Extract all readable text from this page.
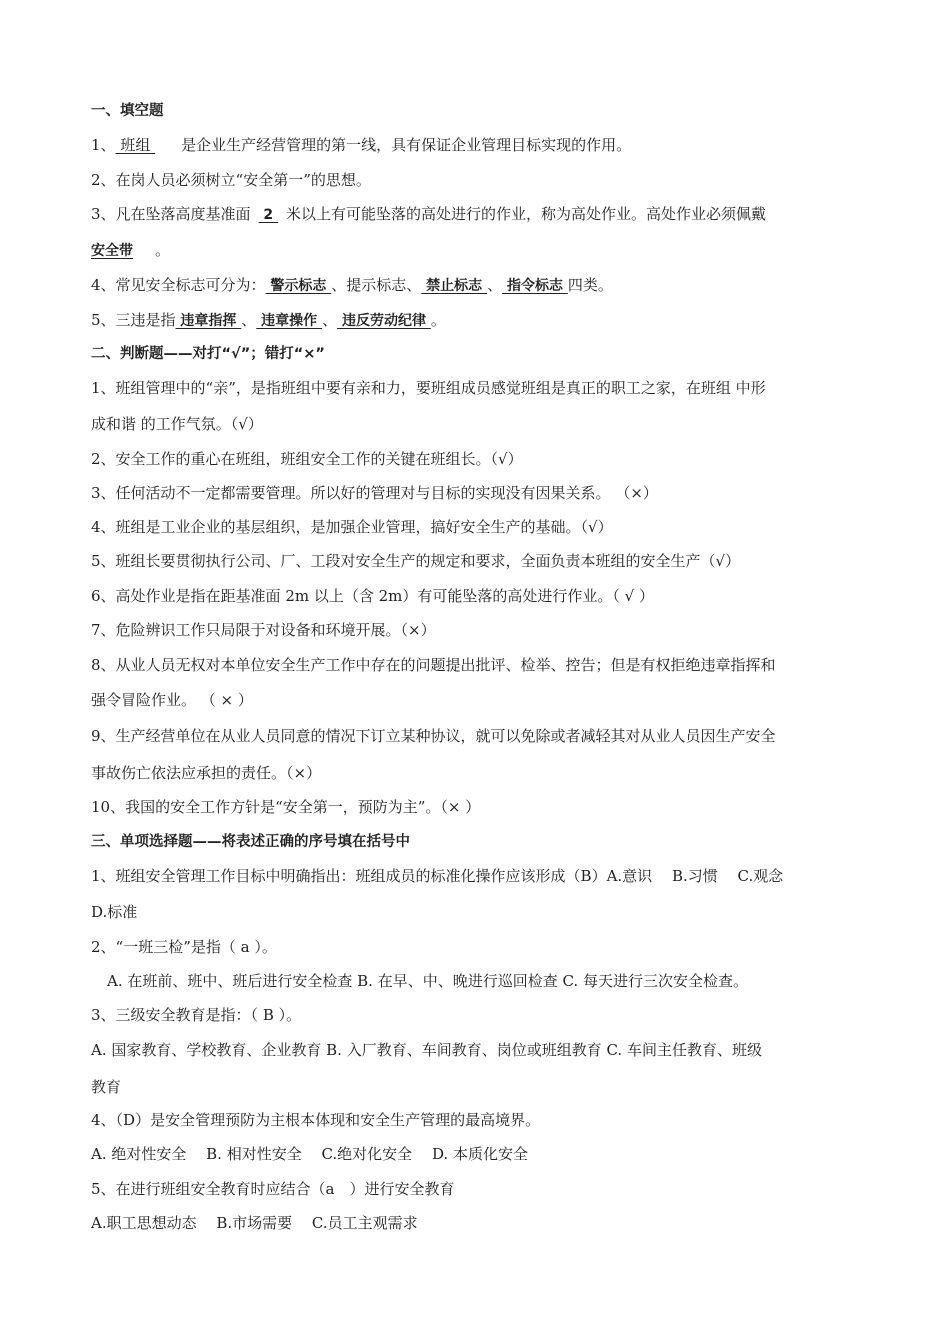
一、填空题
1、 班组 是企业生产经营管理的第一线，具有保证企业管理目标实现的作用。
2、在岗人员必须树立“安全第一”的思想。
3、凡在坠落高度基准面 2 米以上有可能坠落的高处进行的作业，称为高处作业。高处作业必须佩戴
安全带 。
4、常见安全标志可分为： 警示标志 、提示标志、 禁止标志 、 指令标志 四类。
5、三违是指 违章指挥 、 违章操作 、 违反劳动纪律 。
二、判断题——对打“√”；错打“×”
1、班组管理中的“亲”，是指班组中要有亲和力，要班组成员感觉班组是真正的职工之家，在班组 中形
成和谐 的工作气氛。（√）
2、安全工作的重心在班组，班组安全工作的关键在班组长。（√）
3、任何活动不一定都需要管理。所以好的管理对与目标的实现没有因果关系。 （×）
4、班组是工业企业的基层组织，是加强企业管理，搞好安全生产的基础。（√）
5、班组长要贯彻执行公司、厂、工段对安全生产的规定和要求，全面负责本班组的安全生产（√）
6、高处作业是指在距基准面 2m 以上（含 2m）有可能坠落的高处进行作业。（ √ ）
7、危险辨识工作只局限于对设备和环境开展。（×）
8、从业人员无权对本单位安全生产工作中存在的问题提出批评、检举、控告；但是有权拒绝违章指挥和
强令冒险作业。 （ × ）
9、生产经营单位在从业人员同意的情况下订立某种协议，就可以免除或者减轻其对从业人员因生产安全
事故伤亡依法应承担的责任。（×）
10、我国的安全工作方针是“安全第一，预防为主”。（× ）
三、单项选择题——将表述正确的序号填在括号中
1、班组安全管理工作目标中明确指出：班组成员的标准化操作应该形成（B）A.意识　 B.习惯　 C.观念
D.标准
2、“一班三检”是指（ a ）。
A. 在班前、班中、班后进行安全检查 B. 在早、中、晚进行巡回检查 C. 每天进行三次安全检查。
3、三级安全教育是指：（ B ）。
A. 国家教育、学校教育、企业教育 B. 入厂教育、车间教育、岗位或班组教育 C. 车间主任教育、班级
教育
4、（D）是安全管理预防为主根本体现和安全生产管理的最高境界。
A. 绝对性安全　 B. 相对性安全　 C.绝对化安全　 D. 本质化安全
5、在进行班组安全教育时应结合（a　）进行安全教育
A.职工思想动态　 B.市场需要　 C.员工主观需求
